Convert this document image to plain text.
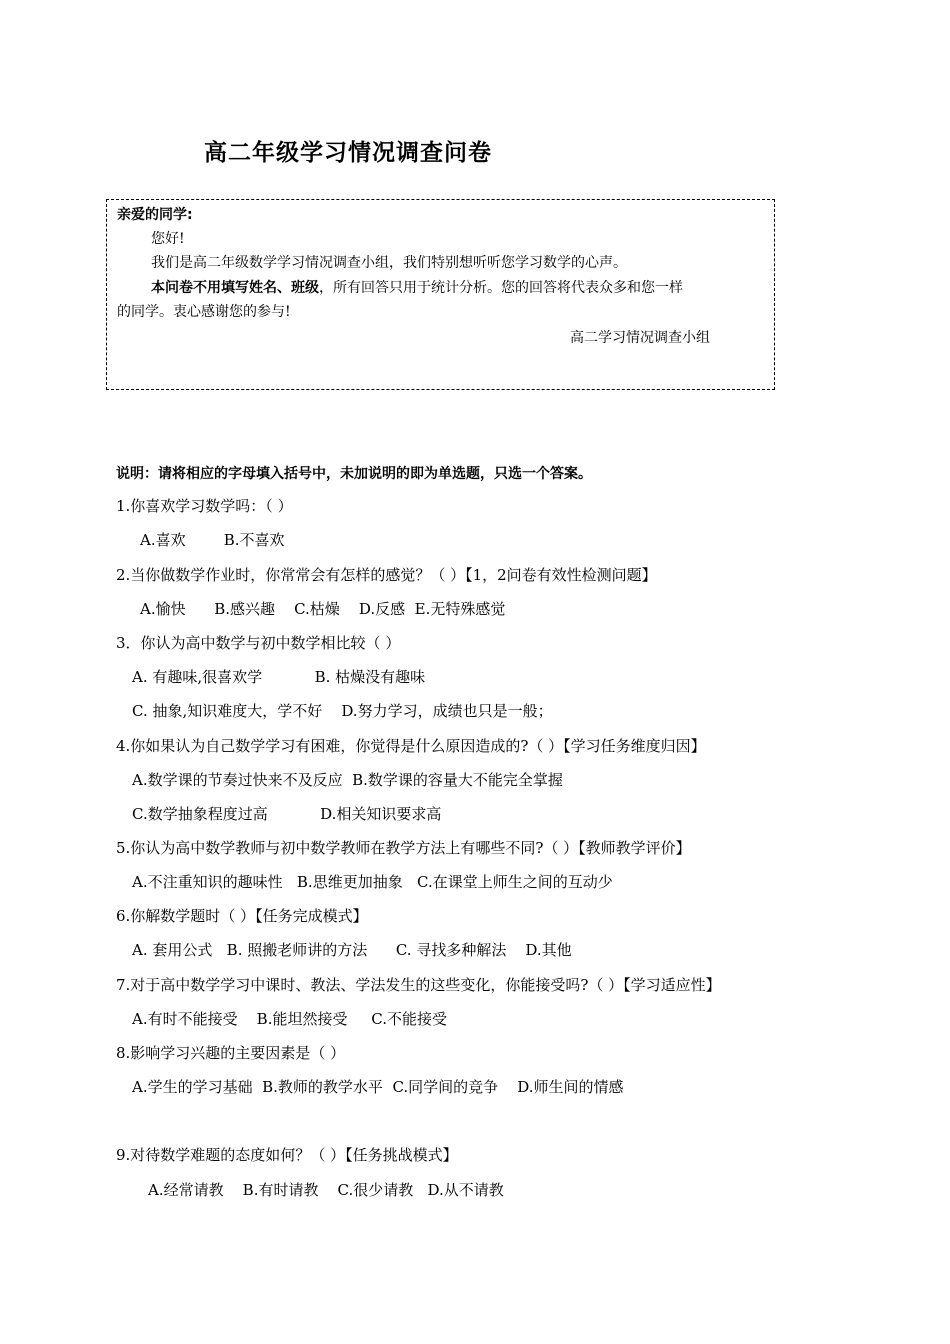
高二年级学习情况调查问卷
亲爱的同学:
您好!
我们是高二年级数学学习情况调查小组，我们特别想听听您学习数学的心声。
本问卷不用填写姓名、班级，所有回答只用于统计分析。您的回答将代表众多和您一样
的同学。衷心感谢您的参与!
高二学习情况调查小组
说明：请将相应的字母填入括号中，未加说明的即为单选题，只选一个答案。
1.你喜欢学习数学吗：（ ）
A.喜欢        B.不喜欢
2.当你做数学作业时，你常常会有怎样的感觉？（ ）【1，2问卷有效性检测问题】
A.愉快      B.感兴趣    C.枯燥    D.反感  E.无特殊感觉
3．你认为高中数学与初中数学相比较（ ）
A. 有趣味,很喜欢学           B. 枯燥没有趣味
C. 抽象,知识难度大，学不好    D.努力学习，成绩也只是一般；
4.你如果认为自己数学学习有困难，你觉得是什么原因造成的?（ ）【学习任务维度归因】
A.数学课的节奏过快来不及反应  B.数学课的容量大不能完全掌握
C.数学抽象程度过高           D.相关知识要求高
5.你认为高中数学教师与初中数学教师在教学方法上有哪些不同?（ ）【教师教学评价】
A.不注重知识的趣味性   B.思维更加抽象   C.在课堂上师生之间的互动少
6.你解数学题时（ ）【任务完成模式】
A. 套用公式   B. 照搬老师讲的方法      C. 寻找多种解法    D.其他
7.对于高中数学学习中课时、教法、学法发生的这些变化，你能接受吗?（ ）【学习适应性】
A.有时不能接受    B.能坦然接受     C.不能接受
8.影响学习兴趣的主要因素是（ ）
A.学生的学习基础  B.教师的教学水平  C.同学间的竞争    D.师生间的情感
9.对待数学难题的态度如何？（ ）【任务挑战模式】
A.经常请教    B.有时请教    C.很少请教   D.从不请教
